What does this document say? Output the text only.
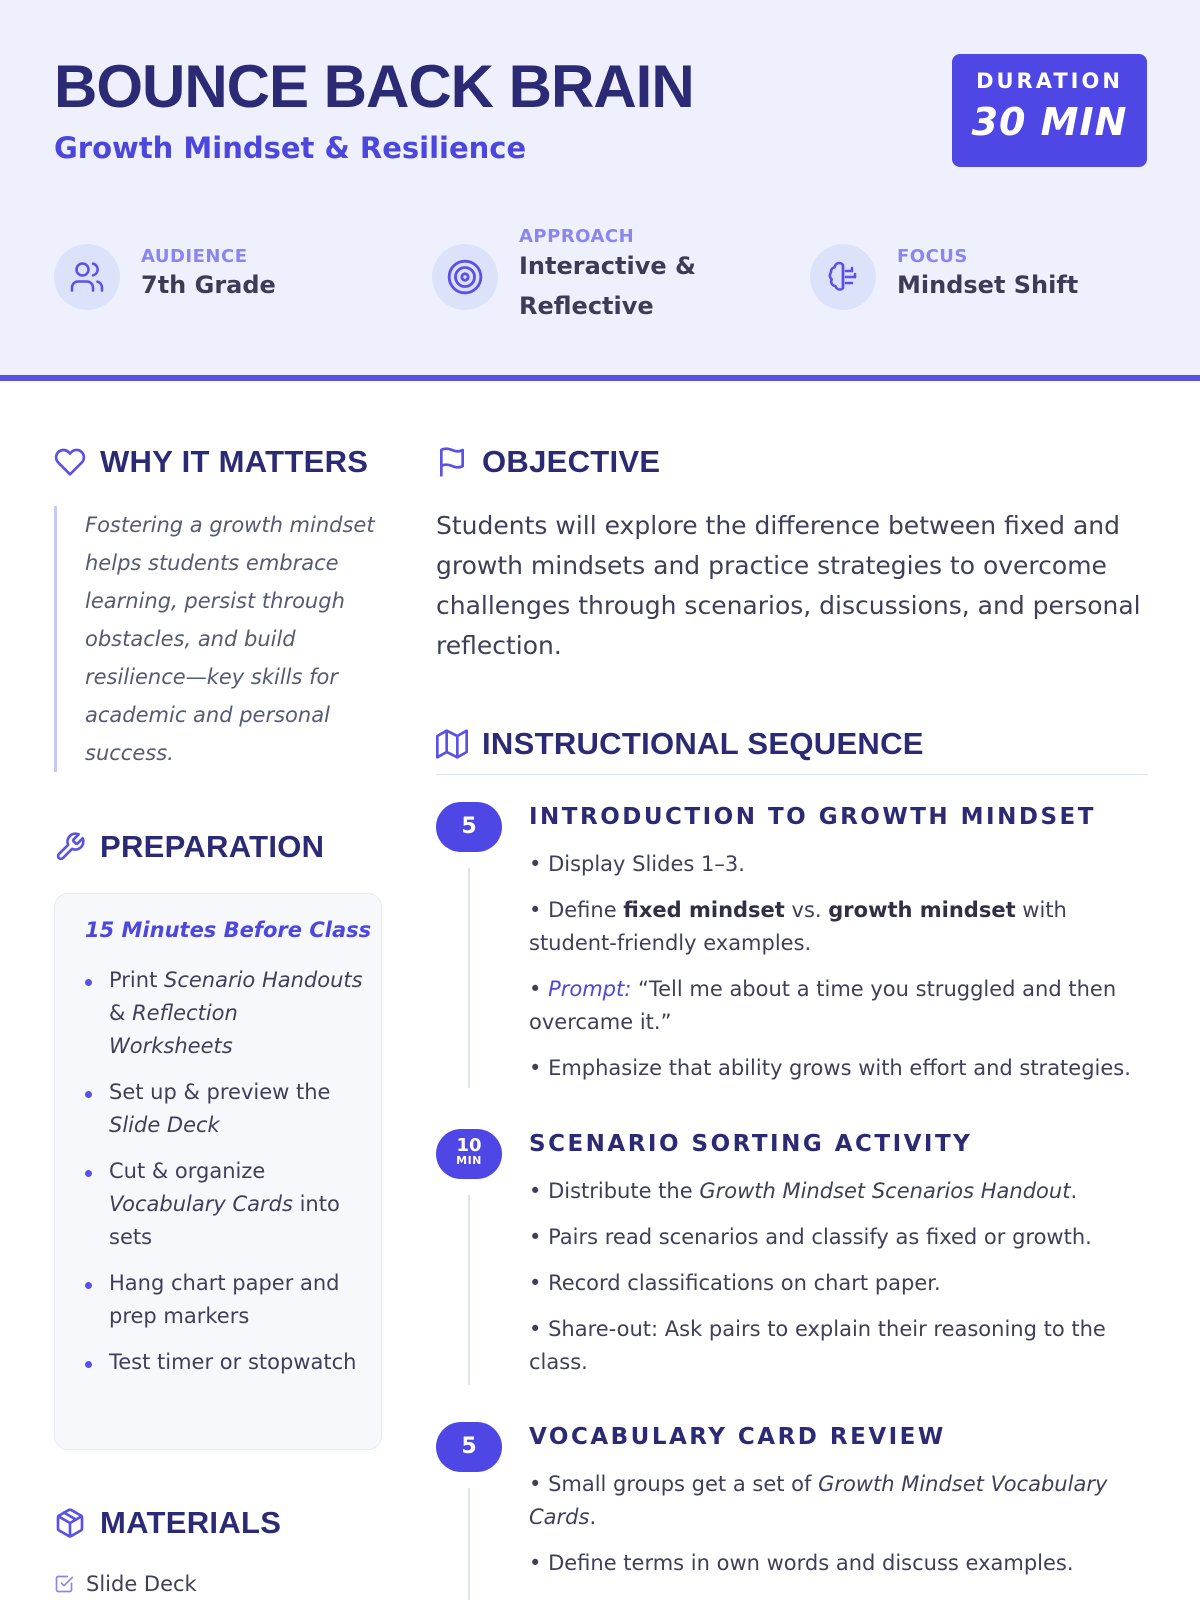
BOUNCE BACK BRAIN
Growth Mindset & Resilience
DURATION
30 MIN
AUDIENCE
7th Grade
APPROACH
Interactive &
Reflective
FOCUS
Mindset Shift
WHY IT MATTERS
Fostering a growth mindset helps students embrace learning, persist through obstacles, and build resilience—key skills for academic and personal success.
PREPARATION
15 Minutes Before Class
Print Scenario Handouts & Reflection Worksheets
Set up & preview the Slide Deck
Cut & organize Vocabulary Cards into sets
Hang chart paper and prep markers
Test timer or stopwatch
MATERIALS
Slide Deck
OBJECTIVE
Students will explore the difference between fixed and growth mindsets and practice strategies to overcome challenges through scenarios, discussions, and personal reflection.
INSTRUCTIONAL SEQUENCE
5	INTRODUCTION TO GROWTH MINDSET
• Display Slides 1–3.
• Define fixed mindset vs. growth mindset with student-friendly examples.
• Prompt: “Tell me about a time you struggled and then overcame it.”
• Emphasize that ability grows with effort and strategies.
10
MIN
SCENARIO SORTING ACTIVITY
• Distribute the Growth Mindset Scenarios Handout.
• Pairs read scenarios and classify as fixed or growth.
• Record classifications on chart paper.
• Share-out: Ask pairs to explain their reasoning to the class.
5	VOCABULARY CARD REVIEW
• Small groups get a set of Growth Mindset Vocabulary Cards.
• Define terms in own words and discuss examples.
